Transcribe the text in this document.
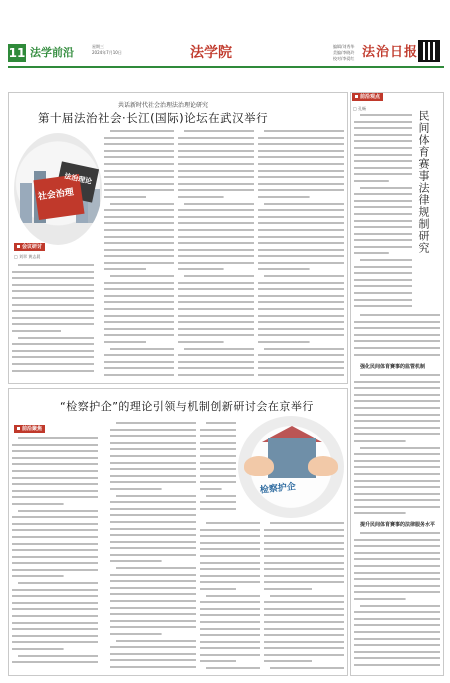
11 法学前沿	星期三
2024年7月10日	法学院	编辑/刘秀华
美编/李晓玲
校对/李爱红 法治日报
共话新时代社会治理法治理论研究
第十届法治社会·长江(国际)论坛在武汉举行
法治理论
社会治理
会议研讨
□ 刘翠 黄志晨
前沿观点
民间体育赛事法律规制研究
□ 孔畅
强化民间体育赛事的监管机制
提升民间体育赛事的法律服务水平
“检察护企”的理论引领与机制创新研讨会在京举行
前沿聚焦
检察护企
